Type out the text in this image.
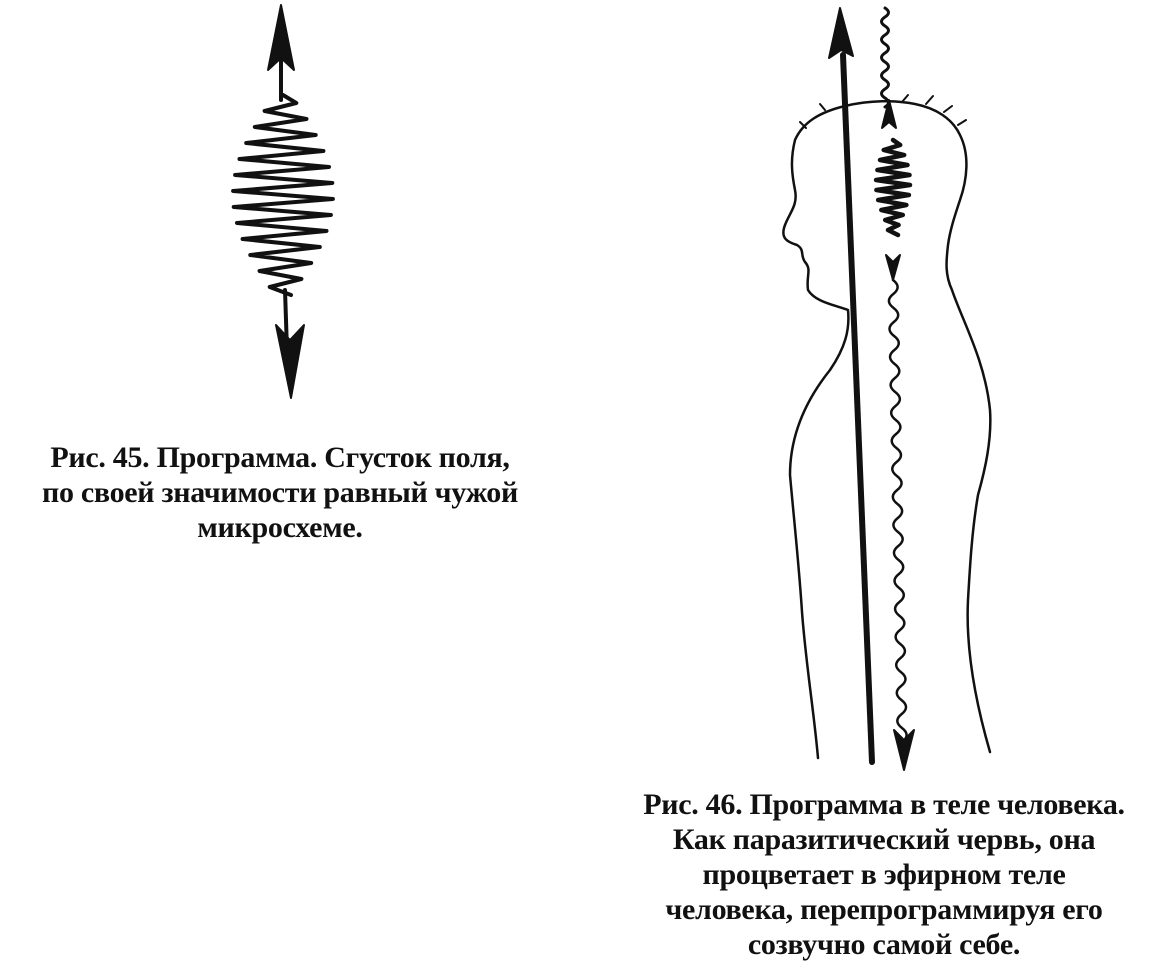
Рис. 45. Программа. Сгусток поля,
по своей значимости равный чужой
микросхеме.
Рис. 46. Программа в теле человека.
Как паразитический червь, она
процветает в эфирном теле
человека, перепрограммируя его
созвучно самой себе.
